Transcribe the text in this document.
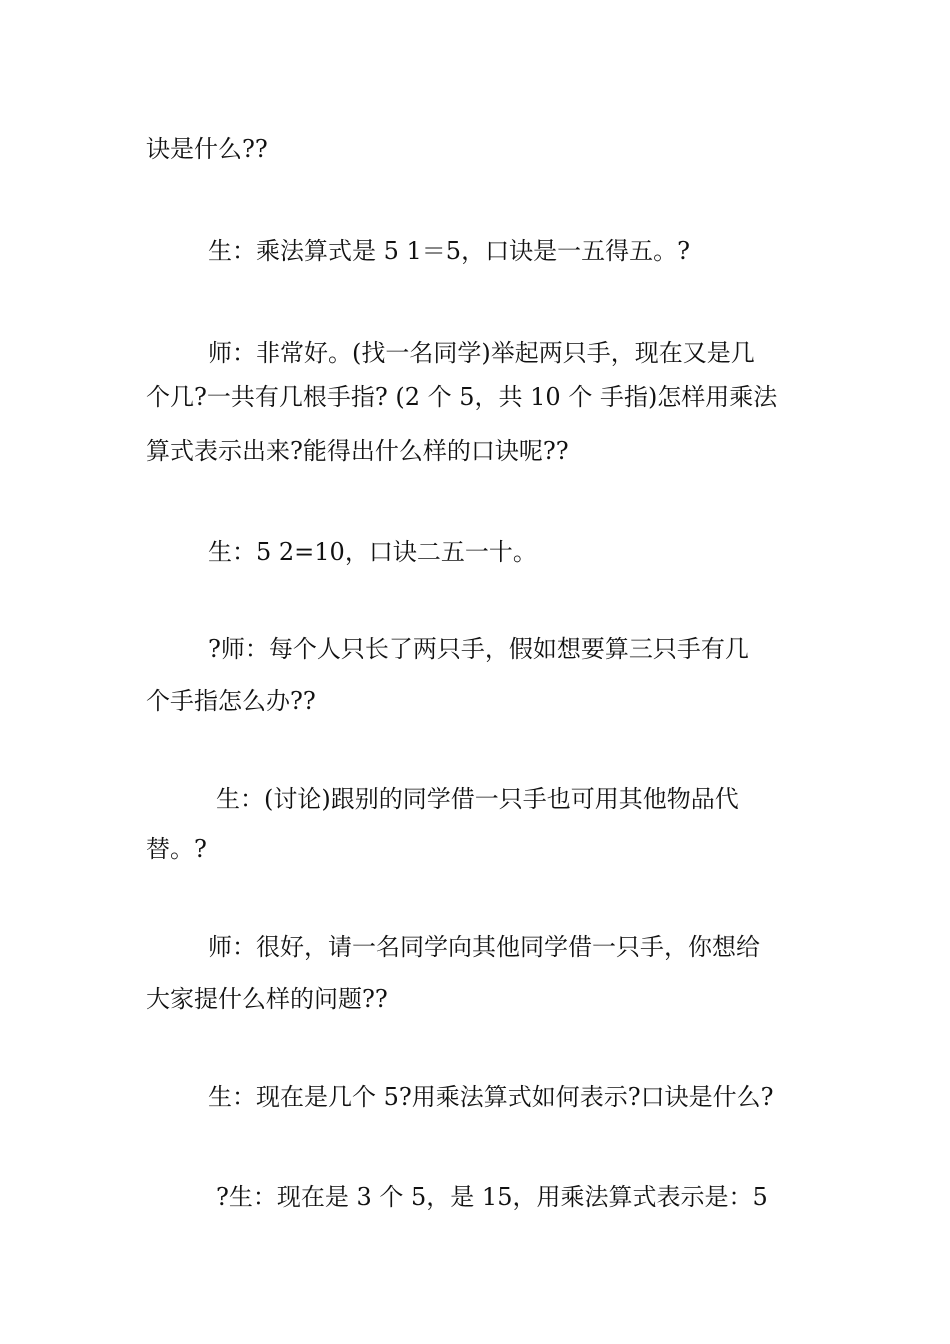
诀是什么??
生：乘法算式是 5 1＝5，口诀是一五得五。?
师：非常好。(找一名同学)举起两只手，现在又是几
个几?一共有几根手指? (2 个 5，共 10 个 手指)怎样用乘法
算式表示出来?能得出什么样的口诀呢??
生：5 2=10，口诀二五一十。
?师：每个人只长了两只手，假如想要算三只手有几
个手指怎么办??
生：(讨论)跟别的同学借一只手也可用其他物品代
替。?
师：很好，请一名同学向其他同学借一只手，你想给
大家提什么样的问题??
生：现在是几个 5?用乘法算式如何表示?口诀是什么?
?生：现在是 3 个 5，是 15，用乘法算式表示是：5
